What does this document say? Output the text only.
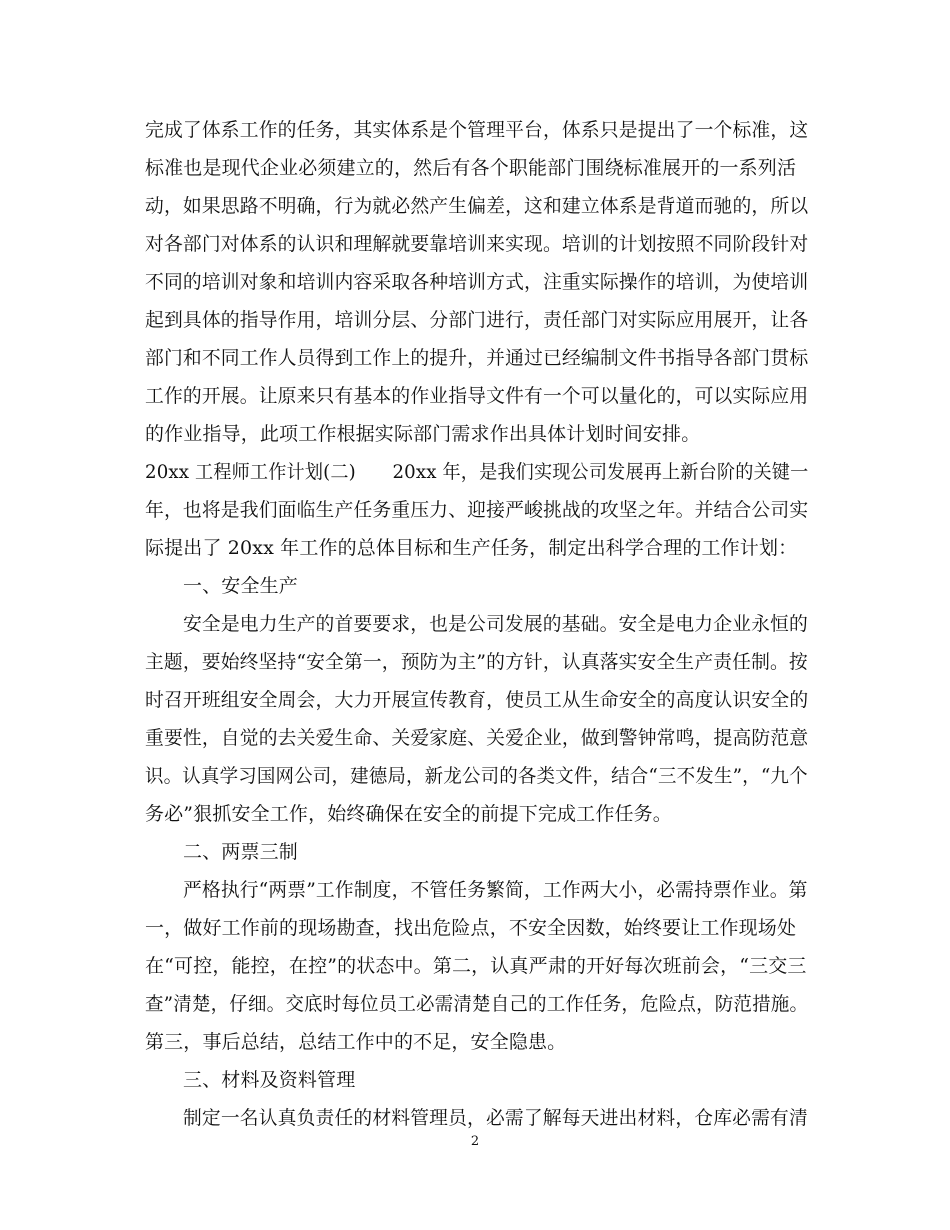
完成了体系工作的任务，其实体系是个管理平台，体系只是提出了一个标准，这
标准也是现代企业必须建立的，然后有各个职能部门围绕标准展开的一系列活
动，如果思路不明确，行为就必然产生偏差，这和建立体系是背道而驰的，所以
对各部门对体系的认识和理解就要靠培训来实现。培训的计划按照不同阶段针对
不同的培训对象和培训内容采取各种培训方式，注重实际操作的培训，为使培训
起到具体的指导作用，培训分层、分部门进行，责任部门对实际应用展开，让各
部门和不同工作人员得到工作上的提升，并通过已经编制文件书指导各部门贯标
工作的开展。让原来只有基本的作业指导文件有一个可以量化的，可以实际应用
的作业指导，此项工作根据实际部门需求作出具体计划时间安排。
20xx 工程师工作计划(二)　　20xx 年，是我们实现公司发展再上新台阶的关键一
年，也将是我们面临生产任务重压力、迎接严峻挑战的攻坚之年。并结合公司实
际提出了 20xx 年工作的总体目标和生产任务，制定出科学合理的工作计划：
一、安全生产
安全是电力生产的首要要求，也是公司发展的基础。安全是电力企业永恒的
主题，要始终坚持“安全第一，预防为主”的方针，认真落实安全生产责任制。按
时召开班组安全周会，大力开展宣传教育，使员工从生命安全的高度认识安全的
重要性，自觉的去关爱生命、关爱家庭、关爱企业，做到警钟常鸣，提高防范意
识。认真学习国网公司，建德局，新龙公司的各类文件，结合“三不发生”，“九个
务必”狠抓安全工作，始终确保在安全的前提下完成工作任务。
二、两票三制
严格执行“两票”工作制度，不管任务繁简，工作两大小，必需持票作业。第
一，做好工作前的现场勘查，找出危险点，不安全因数，始终要让工作现场处
在“可控，能控，在控”的状态中。第二，认真严肃的开好每次班前会，“三交三
查”清楚，仔细。交底时每位员工必需清楚自己的工作任务，危险点，防范措施。
第三，事后总结，总结工作中的不足，安全隐患。
三、材料及资料管理
制定一名认真负责任的材料管理员，必需了解每天进出材料，仓库必需有清
2
